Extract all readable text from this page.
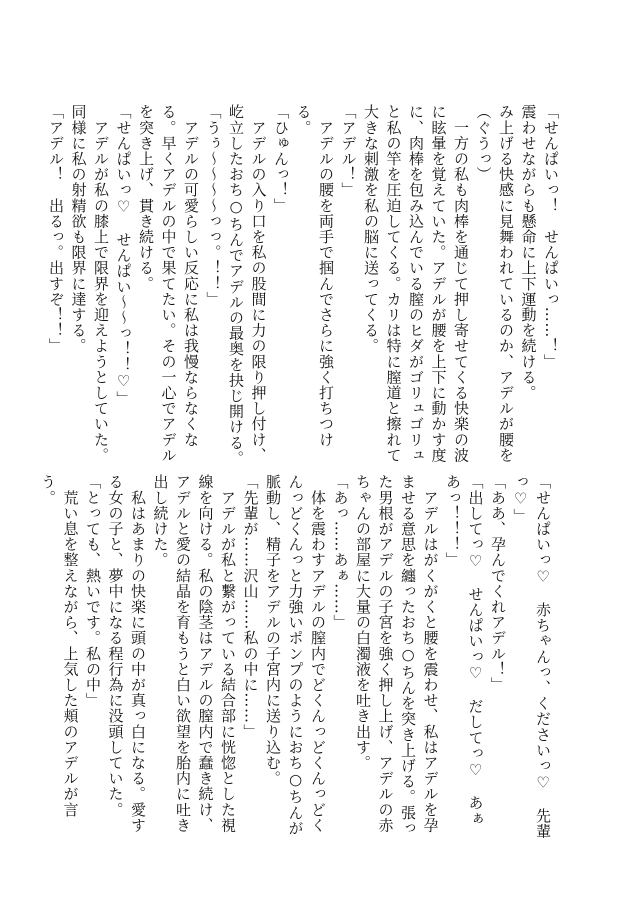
「せんぱいっ！　せんぱいっ……！」

震わせながらも懸命に上下運動を続ける。

み上げる快感に見舞われているのか、アデルが腰を

（ぐうっ）

　一方の私も肉棒を通じて押し寄せてくる快楽の波

に眩暈を覚えていた。アデルが腰を上下に動かす度

に、肉棒を包み込んでいる膣のヒダがゴリュゴリュ

と私の竿を圧迫してくる。カリは特に膣道と擦れて

大きな刺激を私の脳に送ってくる。

「アデル！」

　アデルの腰を両手で掴んでさらに強く打ちつけ

る。

「ひゅんっ！」

　アデルの入り口を私の股間に力の限り押し付け、

屹立したおち○ちんでアデルの最奥を抉じ開ける。

「うぅ～～～～っっ。！！」

　アデルの可愛らしい反応に私は我慢ならなくな

る。早くアデルの中で果てたい。その一心でアデル

を突き上げ、貫き続ける。

「せんぱいっ♡　せんぱい～～っ！！♡」

　アデルが私の膝上で限界を迎えようとしていた。

同様に私の射精欲も限界に達する。

「アデル！　出るっ。出すぞ！！」

「せんぱいっ♡　赤ちゃんっ、くださいっ♡　先輩

っ♡」

「ああ、孕んでくれアデル！」

「出してっ♡　せんぱいっ♡　だしてっ♡　あぁ

あっ！！！」

　アデルはがくがくと腰を震わせ、私はアデルを孕

ませる意思を纏ったおち○ちんを突き上げる。張っ

た男根がアデルの子宮を強く押し上げ、アデルの赤

ちゃんの部屋に大量の白濁液を吐き出す。

「あっ……あぁ……」

　体を震わすアデルの膣内でどくんっどくんっどく

んっどくんっと力強いポンプのようにおち○ちんが

脈動し、精子をアデルの子宮内に送り込む。

「先輩が……沢山……私の中に……」

　アデルが私と繋がっている結合部に恍惚とした視

線を向ける。私の陰茎はアデルの膣内で蠢き続け、

アデルと愛の結晶を育もうと白い欲望を胎内に吐き

出し続けた。

　私はあまりの快楽に頭の中が真っ白になる。愛す

る女の子と、夢中になる程行為に没頭していた。

「とっても、熱いです。私の中」

　荒い息を整えながら、上気した頬のアデルが言

う。
